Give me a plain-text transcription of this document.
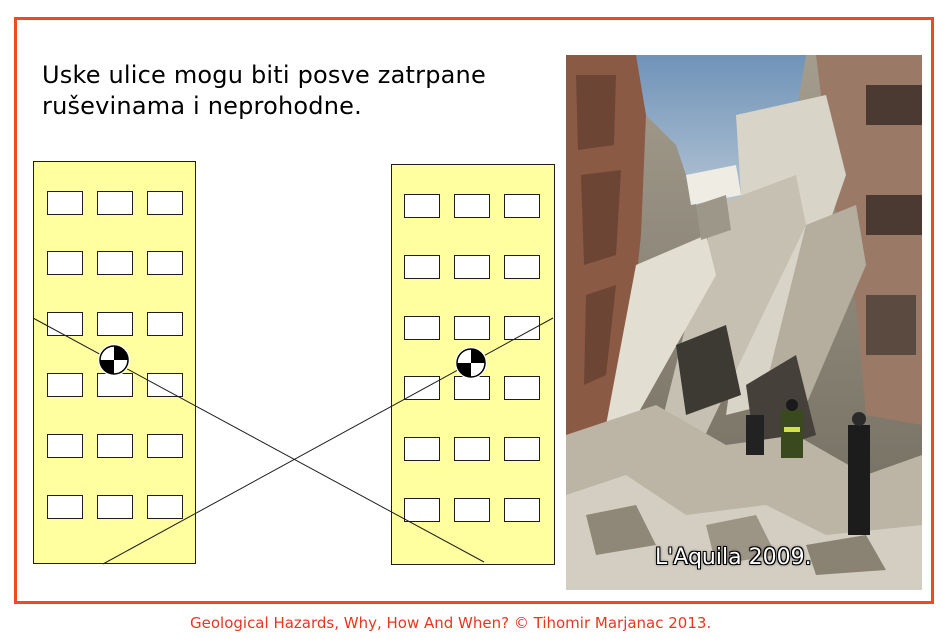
Uske ulice mogu biti posve zatrpane
ruševinama i neprohodne.
L'Aquila 2009.
Geological Hazards, Why, How And When? © Tihomir Marjanac 2013.
